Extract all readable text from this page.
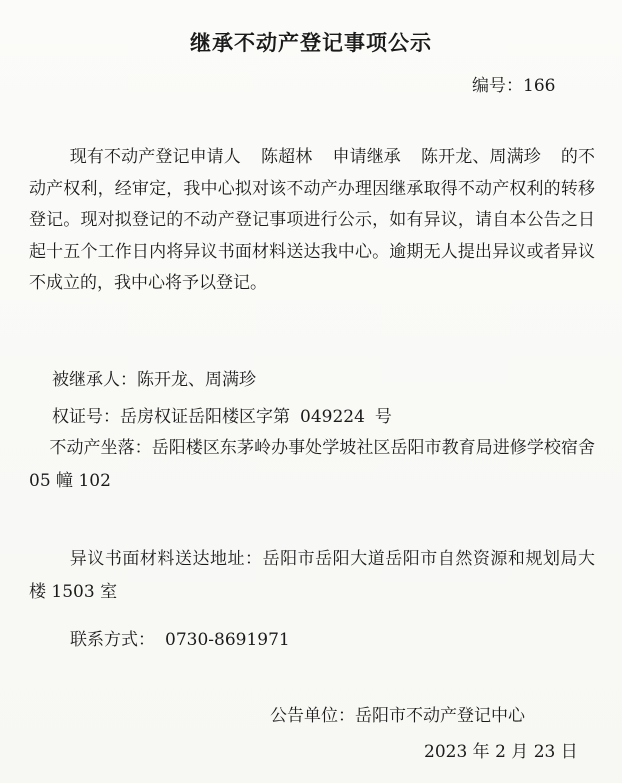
继承不动产登记事项公示
编号：166
现有不动产登记申请人 陈超林 申请继承 陈开龙、周满珍 的不动产权利，经审定，我中心拟对该不动产办理因继承取得不动产权利的转移登记。现对拟登记的不动产登记事项进行公示，如有异议，请自本公告之日起十五个工作日内将异议书面材料送达我中心。逾期无人提出异议或者异议不成立的，我中心将予以登记。
被继承人：陈开龙、周满珍
权证号：岳房权证岳阳楼区字第 049224 号
不动产坐落：岳阳楼区东茅岭办事处学坡社区岳阳市教育局进修学校宿舍 05 幢 102
异议书面材料送达地址：岳阳市岳阳大道岳阳市自然资源和规划局大楼 1503 室
联系方式： 0730-8691971
公告单位：岳阳市不动产登记中心
2023 年 2 月 23 日
